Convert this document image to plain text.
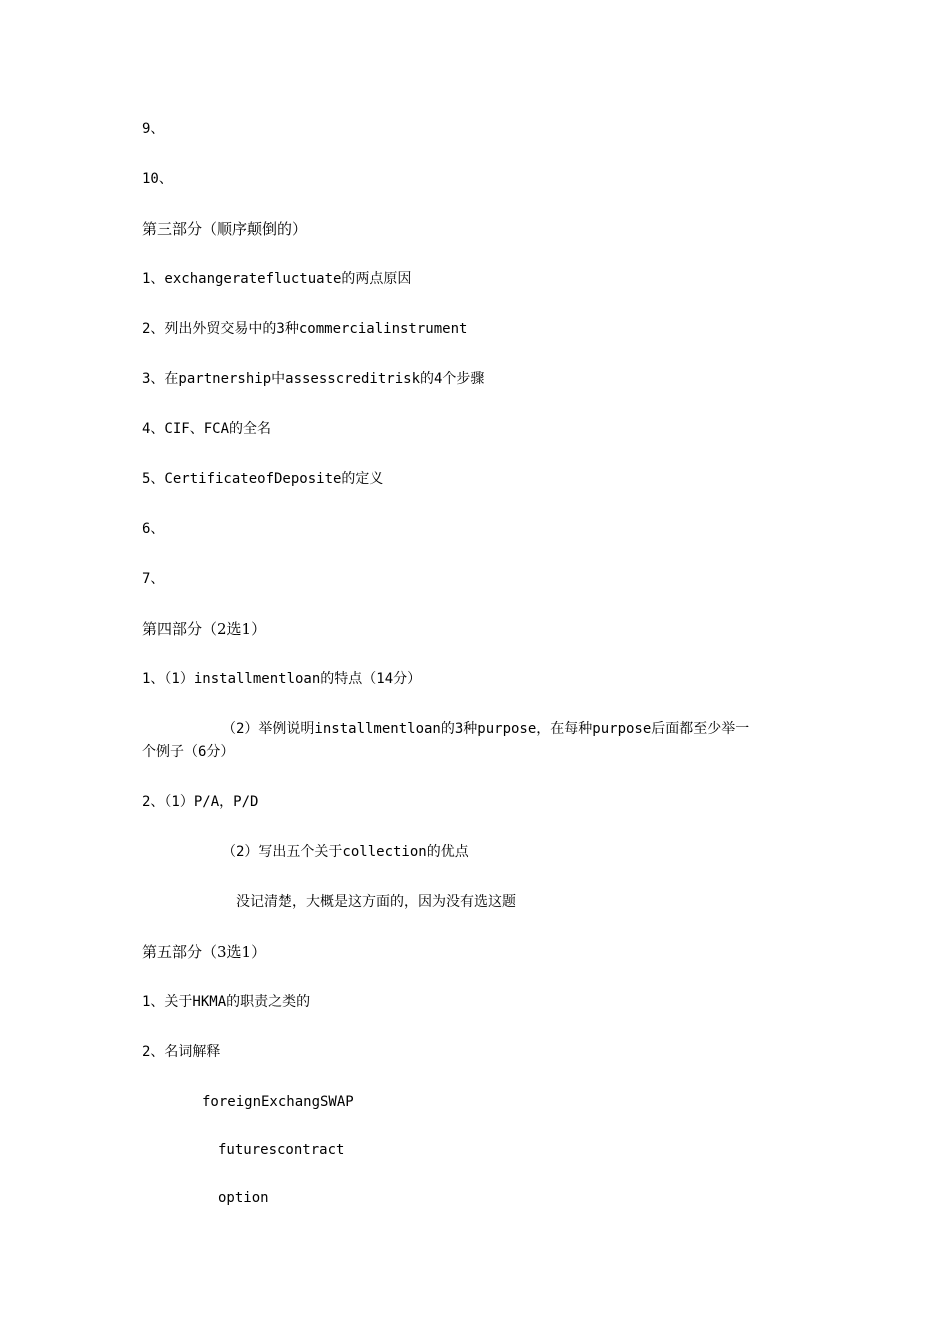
9、
10、
第三部分（顺序颠倒的）
1、exchangeratefluctuate的两点原因
2、列出外贸交易中的3种commercialinstrument
3、在partnership中assesscreditrisk的4个步骤
4、CIF、FCA的全名
5、CertificateofDeposite的定义
6、
7、
第四部分（2选1）
1、（1）installmentloan的特点（14分）
（2）举例说明installmentloan的3种purpose，在每种purpose后面都至少举一
个例子（6分）
2、（1）P/A，P/D
（2）写出五个关于collection的优点
没记清楚，大概是这方面的，因为没有选这题
第五部分（3选1）
1、关于HKMA的职责之类的
2、名词解释
foreignExchangSWAP
futurescontract
option
